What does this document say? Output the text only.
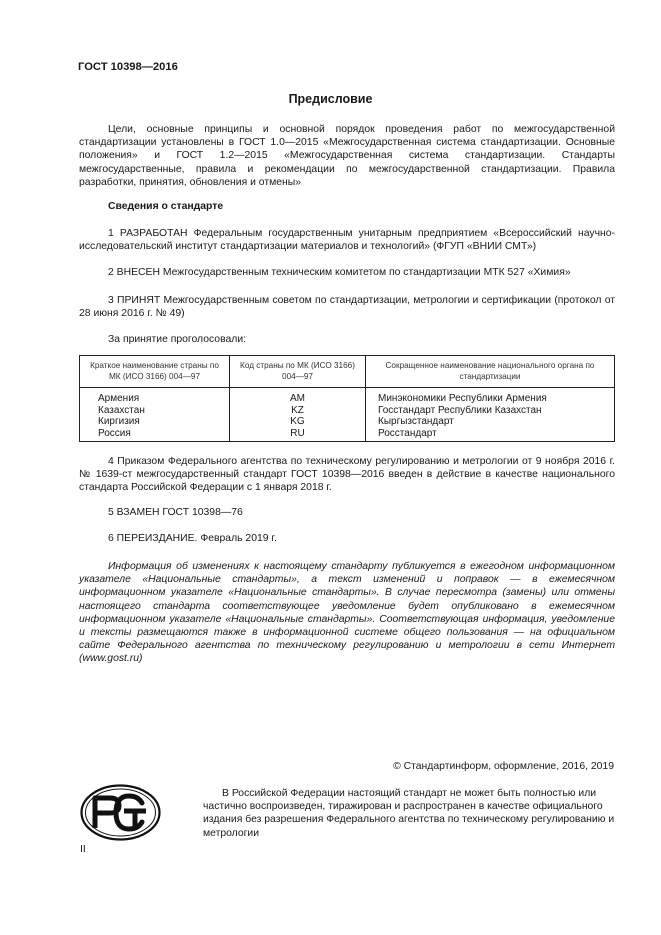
ГОСТ 10398—2016
Предисловие

Цели, основные принципы и основной порядок проведения работ по межгосударственной стандартизации установлены в ГОСТ 1.0—2015 «Межгосударственная система стандартизации. Основные положения» и ГОСТ 1.2—2015 «Межгосударственная система стандартизации. Стандарты межгосударственные, правила и рекомендации по межгосударственной стандартизации. Правила разработки, принятия, обновления и отмены»

Сведения о стандарте

1 РАЗРАБОТАН Федеральным государственным унитарным предприятием «Всероссийский научно-исследовательский институт стандартизации материалов и технологий» (ФГУП «ВНИИ СМТ»)

2 ВНЕСЕН Межгосударственным техническим комитетом по стандартизации МТК 527 «Химия»

3 ПРИНЯТ Межгосударственным советом по стандартизации, метрологии и сертификации (протокол от 28 июня 2016 г. № 49)

За принятие проголосовали:

Краткое наименование страны по МК (ИСО 3166) 004—97	Код страны по МК (ИСО 3166) 004—97	Сокращенное наименование национального органа по стандартизации
Армения	AM	Минэкономики Республики Армения
Казахстан	KZ	Госстандарт Республики Казахстан
Киргизия	KG	Кыргызстандарт
Россия	RU	Росстандарт

4 Приказом Федерального агентства по техническому регулированию и метрологии от 9 ноября 2016 г. № 1639-ст межгосударственный стандарт ГОСТ 10398—2016 введен в действие в качестве национального стандарта Российской Федерации с 1 января 2018 г.

5 ВЗАМЕН ГОСТ 10398—76

6 ПЕРЕИЗДАНИЕ. Февраль 2019 г.

Информация об изменениях к настоящему стандарту публикуется в ежегодном информационном указателе «Национальные стандарты», а текст изменений и поправок — в ежемесячном информационном указателе «Национальные стандарты». В случае пересмотра (замены) или отмены настоящего стандарта соответствующее уведомление будет опубликовано в ежемесячном информационном указателе «Национальные стандарты». Соответствующая информация, уведомление и тексты размещаются также в информационной системе общего пользования — на официальном сайте Федерального агентства по техническому регулированию и метрологии в сети Интернет (www.gost.ru)

© Стандартинформ, оформление, 2016, 2019

В Российской Федерации настоящий стандарт не может быть полностью или частично воспроизведен, тиражирован и распространен в качестве официального издания без разрешения Федерального агентства по техническому регулированию и метрологии

II
